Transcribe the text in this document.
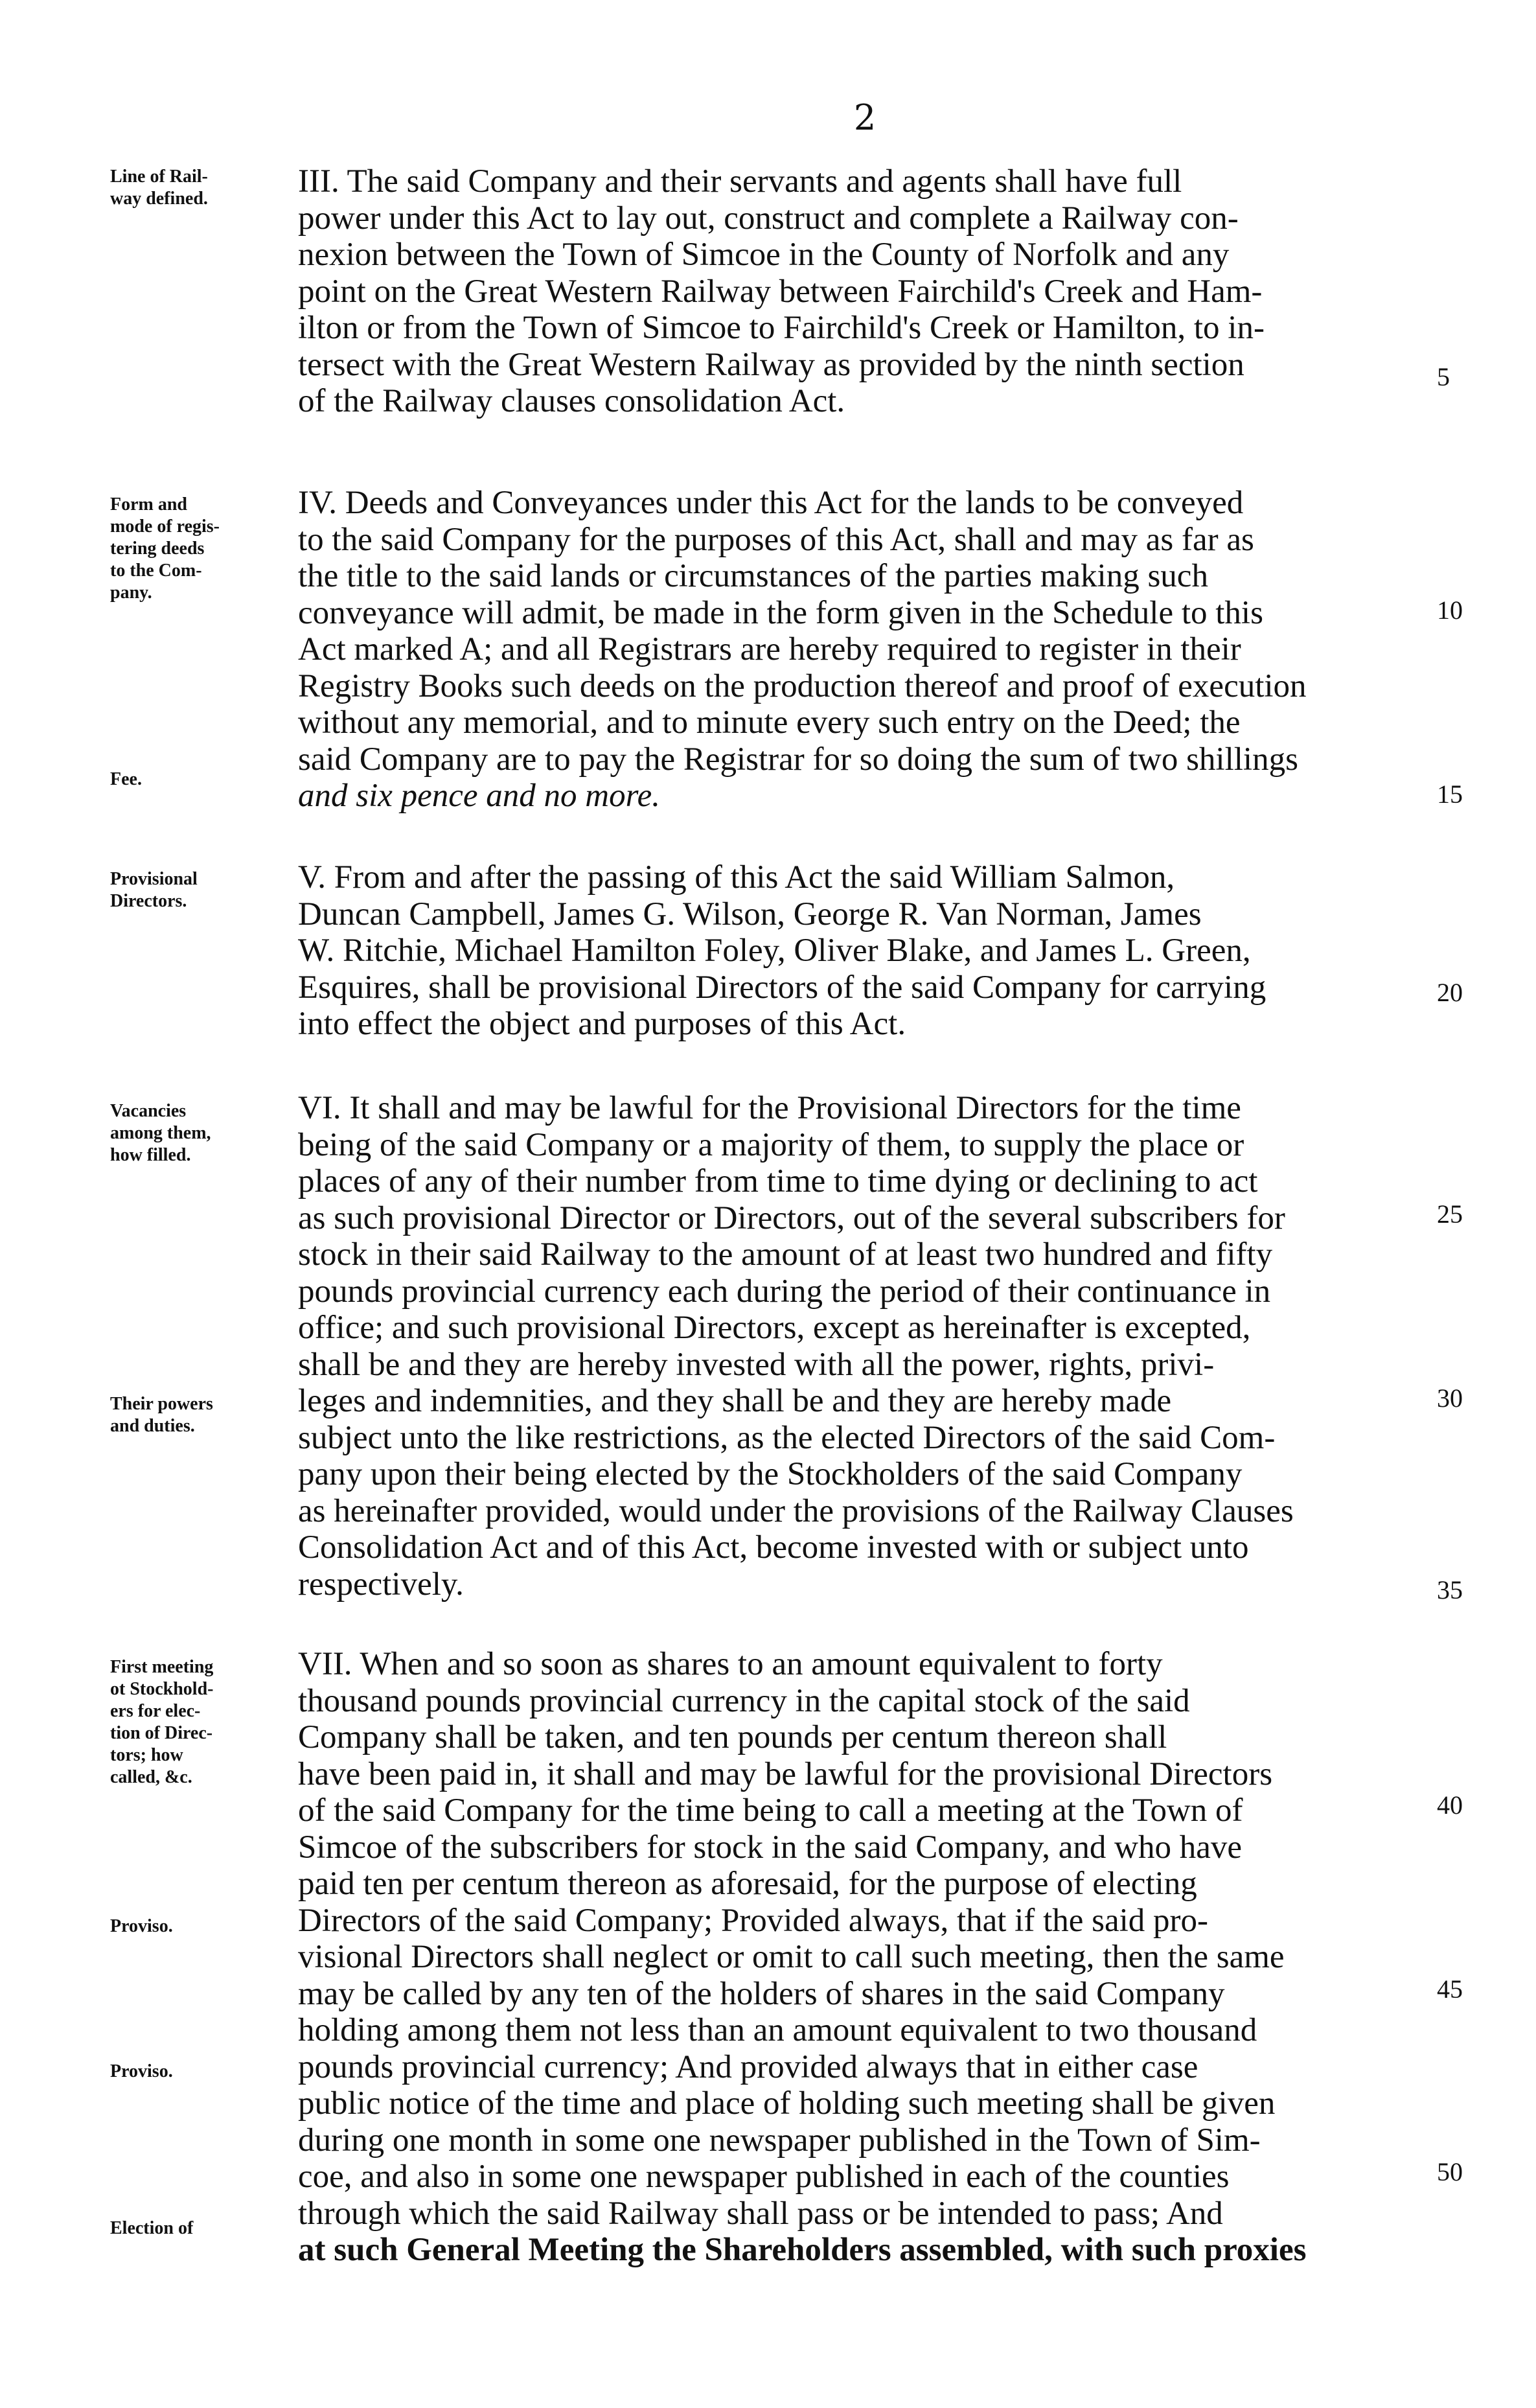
2
Line of Rail-
way defined.
Form and
mode of regis-
tering deeds
to the Com-
pany.
Fee.
Provisional
Directors.
Vacancies
among them,
how filled.
Their powers
and duties.
First meeting
ot Stockhold-
ers for elec-
tion of Direc-
tors; how
called, &c.
Proviso.
Proviso.
Election of
III. The said Company and their servants and agents shall have full
power under this Act to lay out, construct and complete a Railway con-
nexion between the Town of Simcoe in the County of Norfolk and any
point on the Great Western Railway between Fairchild's Creek and Ham-
ilton or from the Town of Simcoe to Fairchild's Creek or Hamilton, to in-
tersect with the Great Western Railway as provided by the ninth section
of the Railway clauses consolidation Act.
IV. Deeds and Conveyances under this Act for the lands to be conveyed
to the said Company for the purposes of this Act, shall and may as far as
the title to the said lands or circumstances of the parties making such
conveyance will admit, be made in the form given in the Schedule to this
Act marked A; and all Registrars are hereby required to register in their
Registry Books such deeds on the production thereof and proof of execution
without any memorial, and to minute every such entry on the Deed; the
said Company are to pay the Registrar for so doing the sum of two shillings
and six pence and no more.
V. From and after the passing of this Act the said William Salmon,
Duncan Campbell, James G. Wilson, George R. Van Norman, James
W. Ritchie, Michael Hamilton Foley, Oliver Blake, and James L. Green,
Esquires, shall be provisional Directors of the said Company for carrying
into effect the object and purposes of this Act.
VI. It shall and may be lawful for the Provisional Directors for the time
being of the said Company or a majority of them, to supply the place or
places of any of their number from time to time dying or declining to act
as such provisional Director or Directors, out of the several subscribers for
stock in their said Railway to the amount of at least two hundred and fifty
pounds provincial currency each during the period of their continuance in
office; and such provisional Directors, except as hereinafter is excepted,
shall be and they are hereby invested with all the power, rights, privi-
leges and indemnities, and they shall be and they are hereby made
subject unto the like restrictions, as the elected Directors of the said Com-
pany upon their being elected by the Stockholders of the said Company
as hereinafter provided, would under the provisions of the Railway Clauses
Consolidation Act and of this Act, become invested with or subject unto
respectively.
VII. When and so soon as shares to an amount equivalent to forty
thousand pounds provincial currency in the capital stock of the said
Company shall be taken, and ten pounds per centum thereon shall
have been paid in, it shall and may be lawful for the provisional Directors
of the said Company for the time being to call a meeting at the Town of
Simcoe of the subscribers for stock in the said Company, and who have
paid ten per centum thereon as aforesaid, for the purpose of electing
Directors of the said Company; Provided always, that if the said pro-
visional Directors shall neglect or omit to call such meeting, then the same
may be called by any ten of the holders of shares in the said Company
holding among them not less than an amount equivalent to two thousand
pounds provincial currency; And provided always that in either case
public notice of the time and place of holding such meeting shall be given
during one month in some one newspaper published in the Town of Sim-
coe, and also in some one newspaper published in each of the counties
through which the said Railway shall pass or be intended to pass; And
at such General Meeting the Shareholders assembled, with such proxies
5
10
15
20
25
30
35
40
45
50
